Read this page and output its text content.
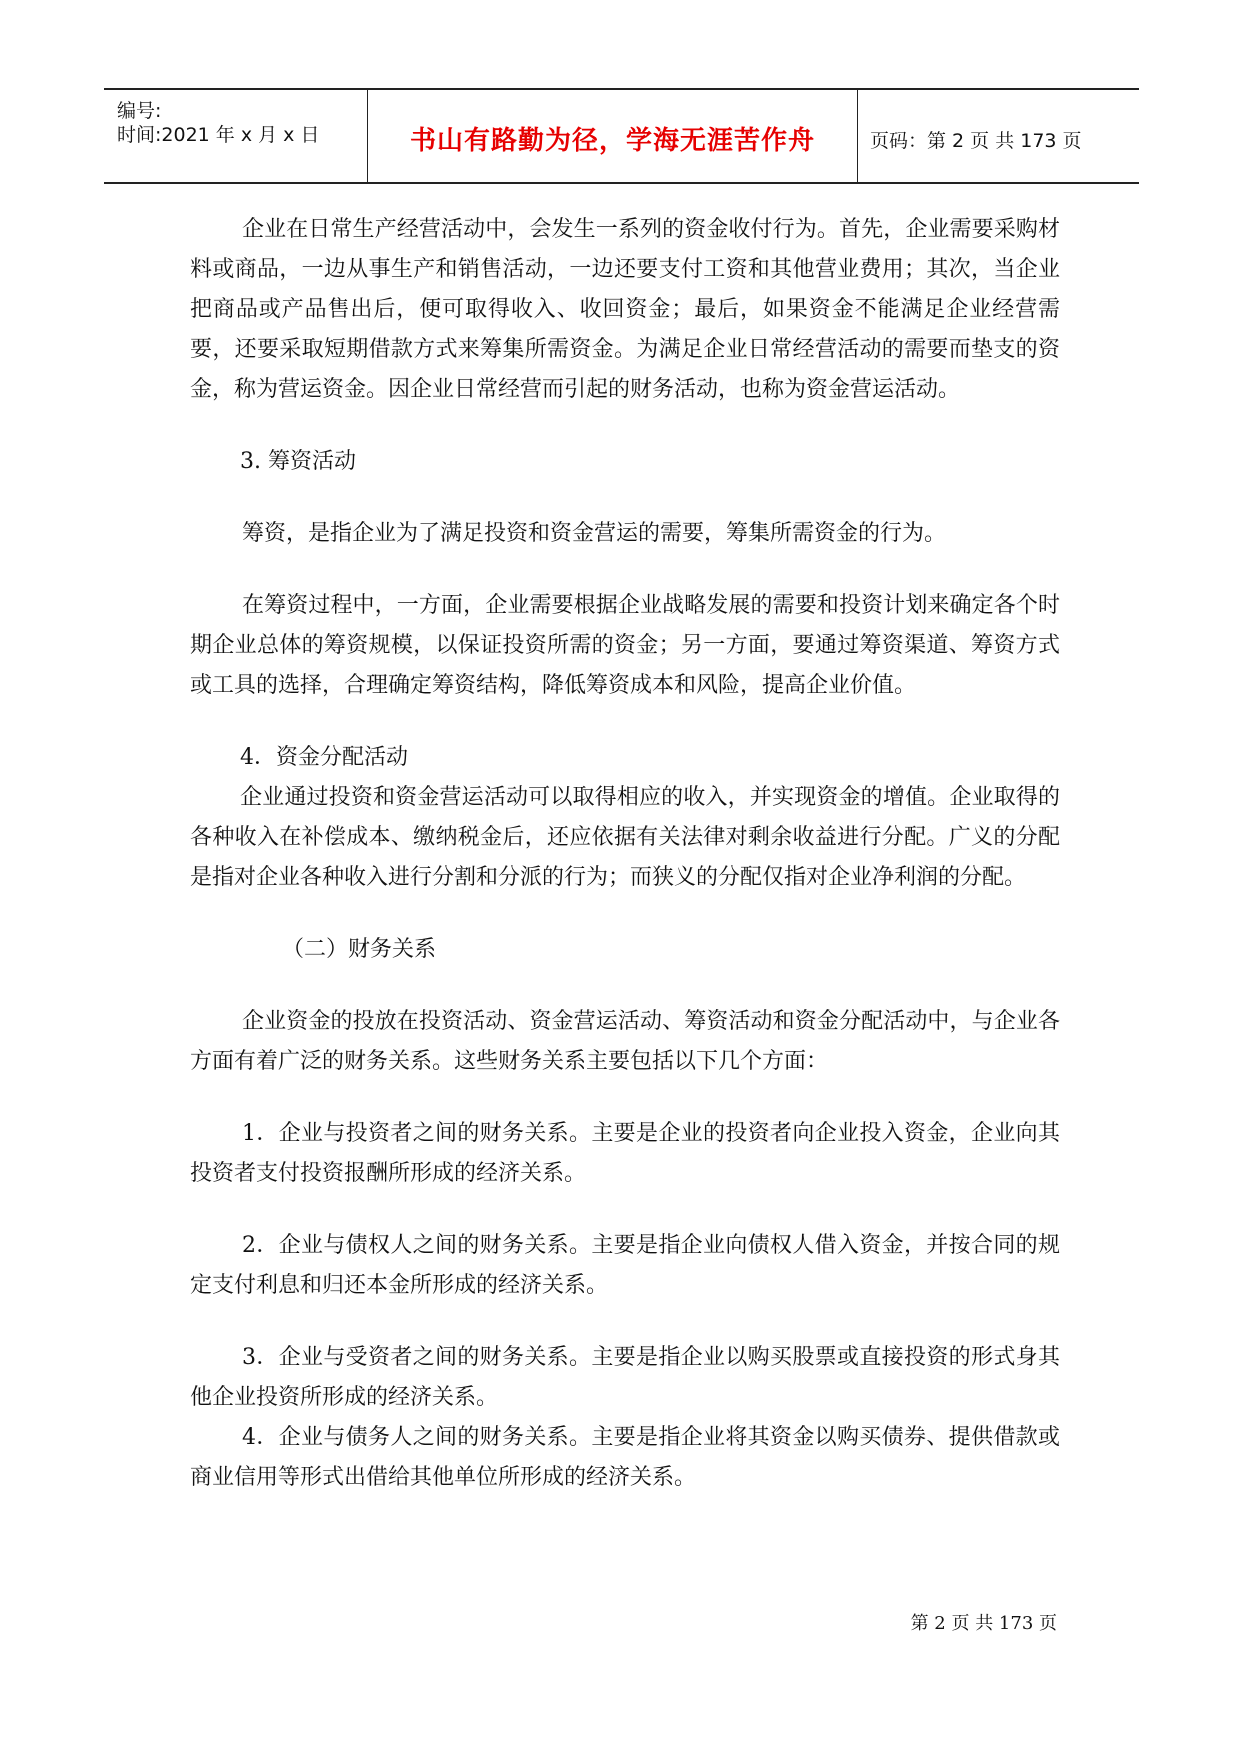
编号:
时间:2021 年 x 月 x 日	书山有路勤为径，学海无涯苦作舟	页码：第 2 页 共 173 页

企业在日常生产经营活动中，会发生一系列的资金收付行为。首先，企业需要采购材料或商品，一边从事生产和销售活动，一边还要支付工资和其他营业费用；其次，当企业把商品或产品售出后，便可取得收入、收回资金；最后，如果资金不能满足企业经营需要，还要采取短期借款方式来筹集所需资金。为满足企业日常经营活动的需要而垫支的资金，称为营运资金。因企业日常经营而引起的财务活动，也称为资金营运活动。

3. 筹资活动

筹资，是指企业为了满足投资和资金营运的需要，筹集所需资金的行为。

在筹资过程中，一方面，企业需要根据企业战略发展的需要和投资计划来确定各个时期企业总体的筹资规模，以保证投资所需的资金；另一方面，要通过筹资渠道、筹资方式或工具的选择，合理确定筹资结构，降低筹资成本和风险，提高企业价值。

4．资金分配活动

企业通过投资和资金营运活动可以取得相应的收入，并实现资金的增值。企业取得的各种收入在补偿成本、缴纳税金后，还应依据有关法律对剩余收益进行分配。广义的分配是指对企业各种收入进行分割和分派的行为；而狭义的分配仅指对企业净利润的分配。

（二）财务关系

企业资金的投放在投资活动、资金营运活动、筹资活动和资金分配活动中，与企业各方面有着广泛的财务关系。这些财务关系主要包括以下几个方面：

1．企业与投资者之间的财务关系。主要是企业的投资者向企业投入资金，企业向其投资者支付投资报酬所形成的经济关系。

2．企业与债权人之间的财务关系。主要是指企业向债权人借入资金，并按合同的规定支付利息和归还本金所形成的经济关系。

3．企业与受资者之间的财务关系。主要是指企业以购买股票或直接投资的形式身其他企业投资所形成的经济关系。

4．企业与债务人之间的财务关系。主要是指企业将其资金以购买债券、提供借款或商业信用等形式出借给其他单位所形成的经济关系。

第 2 页 共 173 页
